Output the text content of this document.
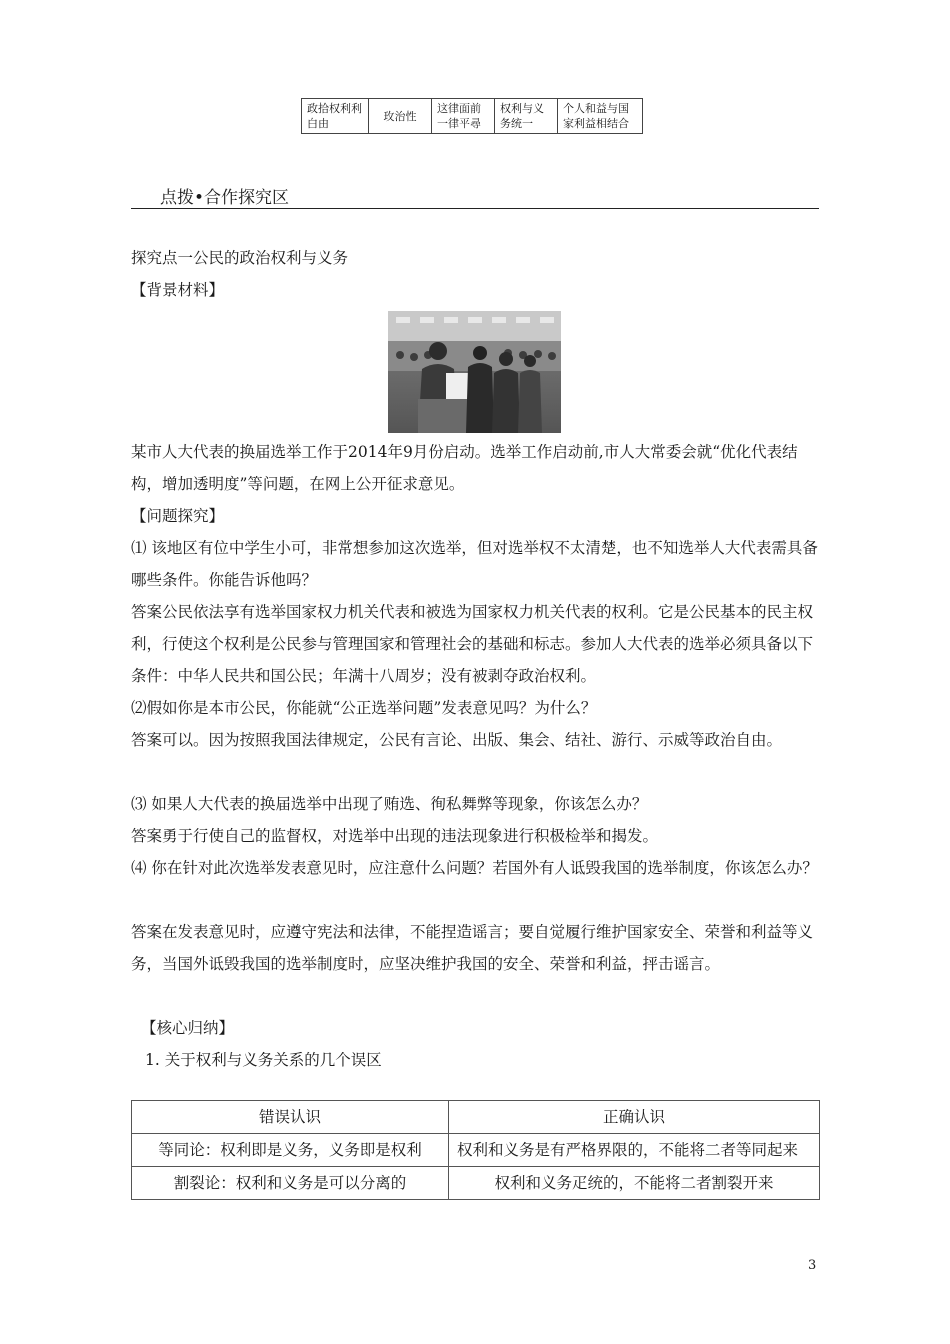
政拾权利利白由	玫治性	这律面前一律平尋	权利与义务统一	个人和益与国家利益相结合
点拨•合作探究区

探究点一公民的政治权利与义务

【背景材料】

某市人大代表的换届选举工作于2014年9月份启动。选举工作启动前,市人大常委会就“优化代表结构，增加透明度”等问题，在网上公开征求意见。

【问题探究】

⑴ 该地区有位中学生小可，非常想参加这次选举，但对选举权不太清楚，也不知选举人大代表需具备哪些条件。你能告诉他吗？

答案公民依法享有选举国家权力机关代表和被选为国家权力机关代表的权利。它是公民基本的民主权利，行使这个权利是公民参与管理国家和管理社会的基础和标志。参加人大代表的选举必须具备以下条件：中华人民共和国公民；年满十八周岁；没有被剥夺政治权利。

⑵假如你是本市公民，你能就“公正选举问题”发表意见吗？为什么？

答案可以。因为按照我国法律规定，公民有言论、出版、集会、结社、游行、示威等政治自由。

⑶ 如果人大代表的换届选举中出现了贿选、徇私舞弊等现象，你该怎么办？

答案勇于行使自己的监督权，对选举中出现的违法现象进行积极检举和揭发。

⑷ 你在针对此次选举发表意见时，应注意什么问题？若国外有人诋毁我国的选举制度，你该怎么办？

答案在发表意见时，应遵守宪法和法律，不能捏造谣言；要自觉履行维护国家安全、荣誉和利益等义务，当国外诋毁我国的选举制度时，应坚决维护我国的安全、荣誉和利益，抨击谣言。

【核心归纳】

1. 关于权利与义务关系的几个误区

错误认识	正确认识
等同论：权利即是义务，义务即是权利	权利和义务是有严格界限的，不能将二者等同起来
割裂论：权利和义务是可以分离的	权利和义务疋统的，不能将二者割裂开来
3
